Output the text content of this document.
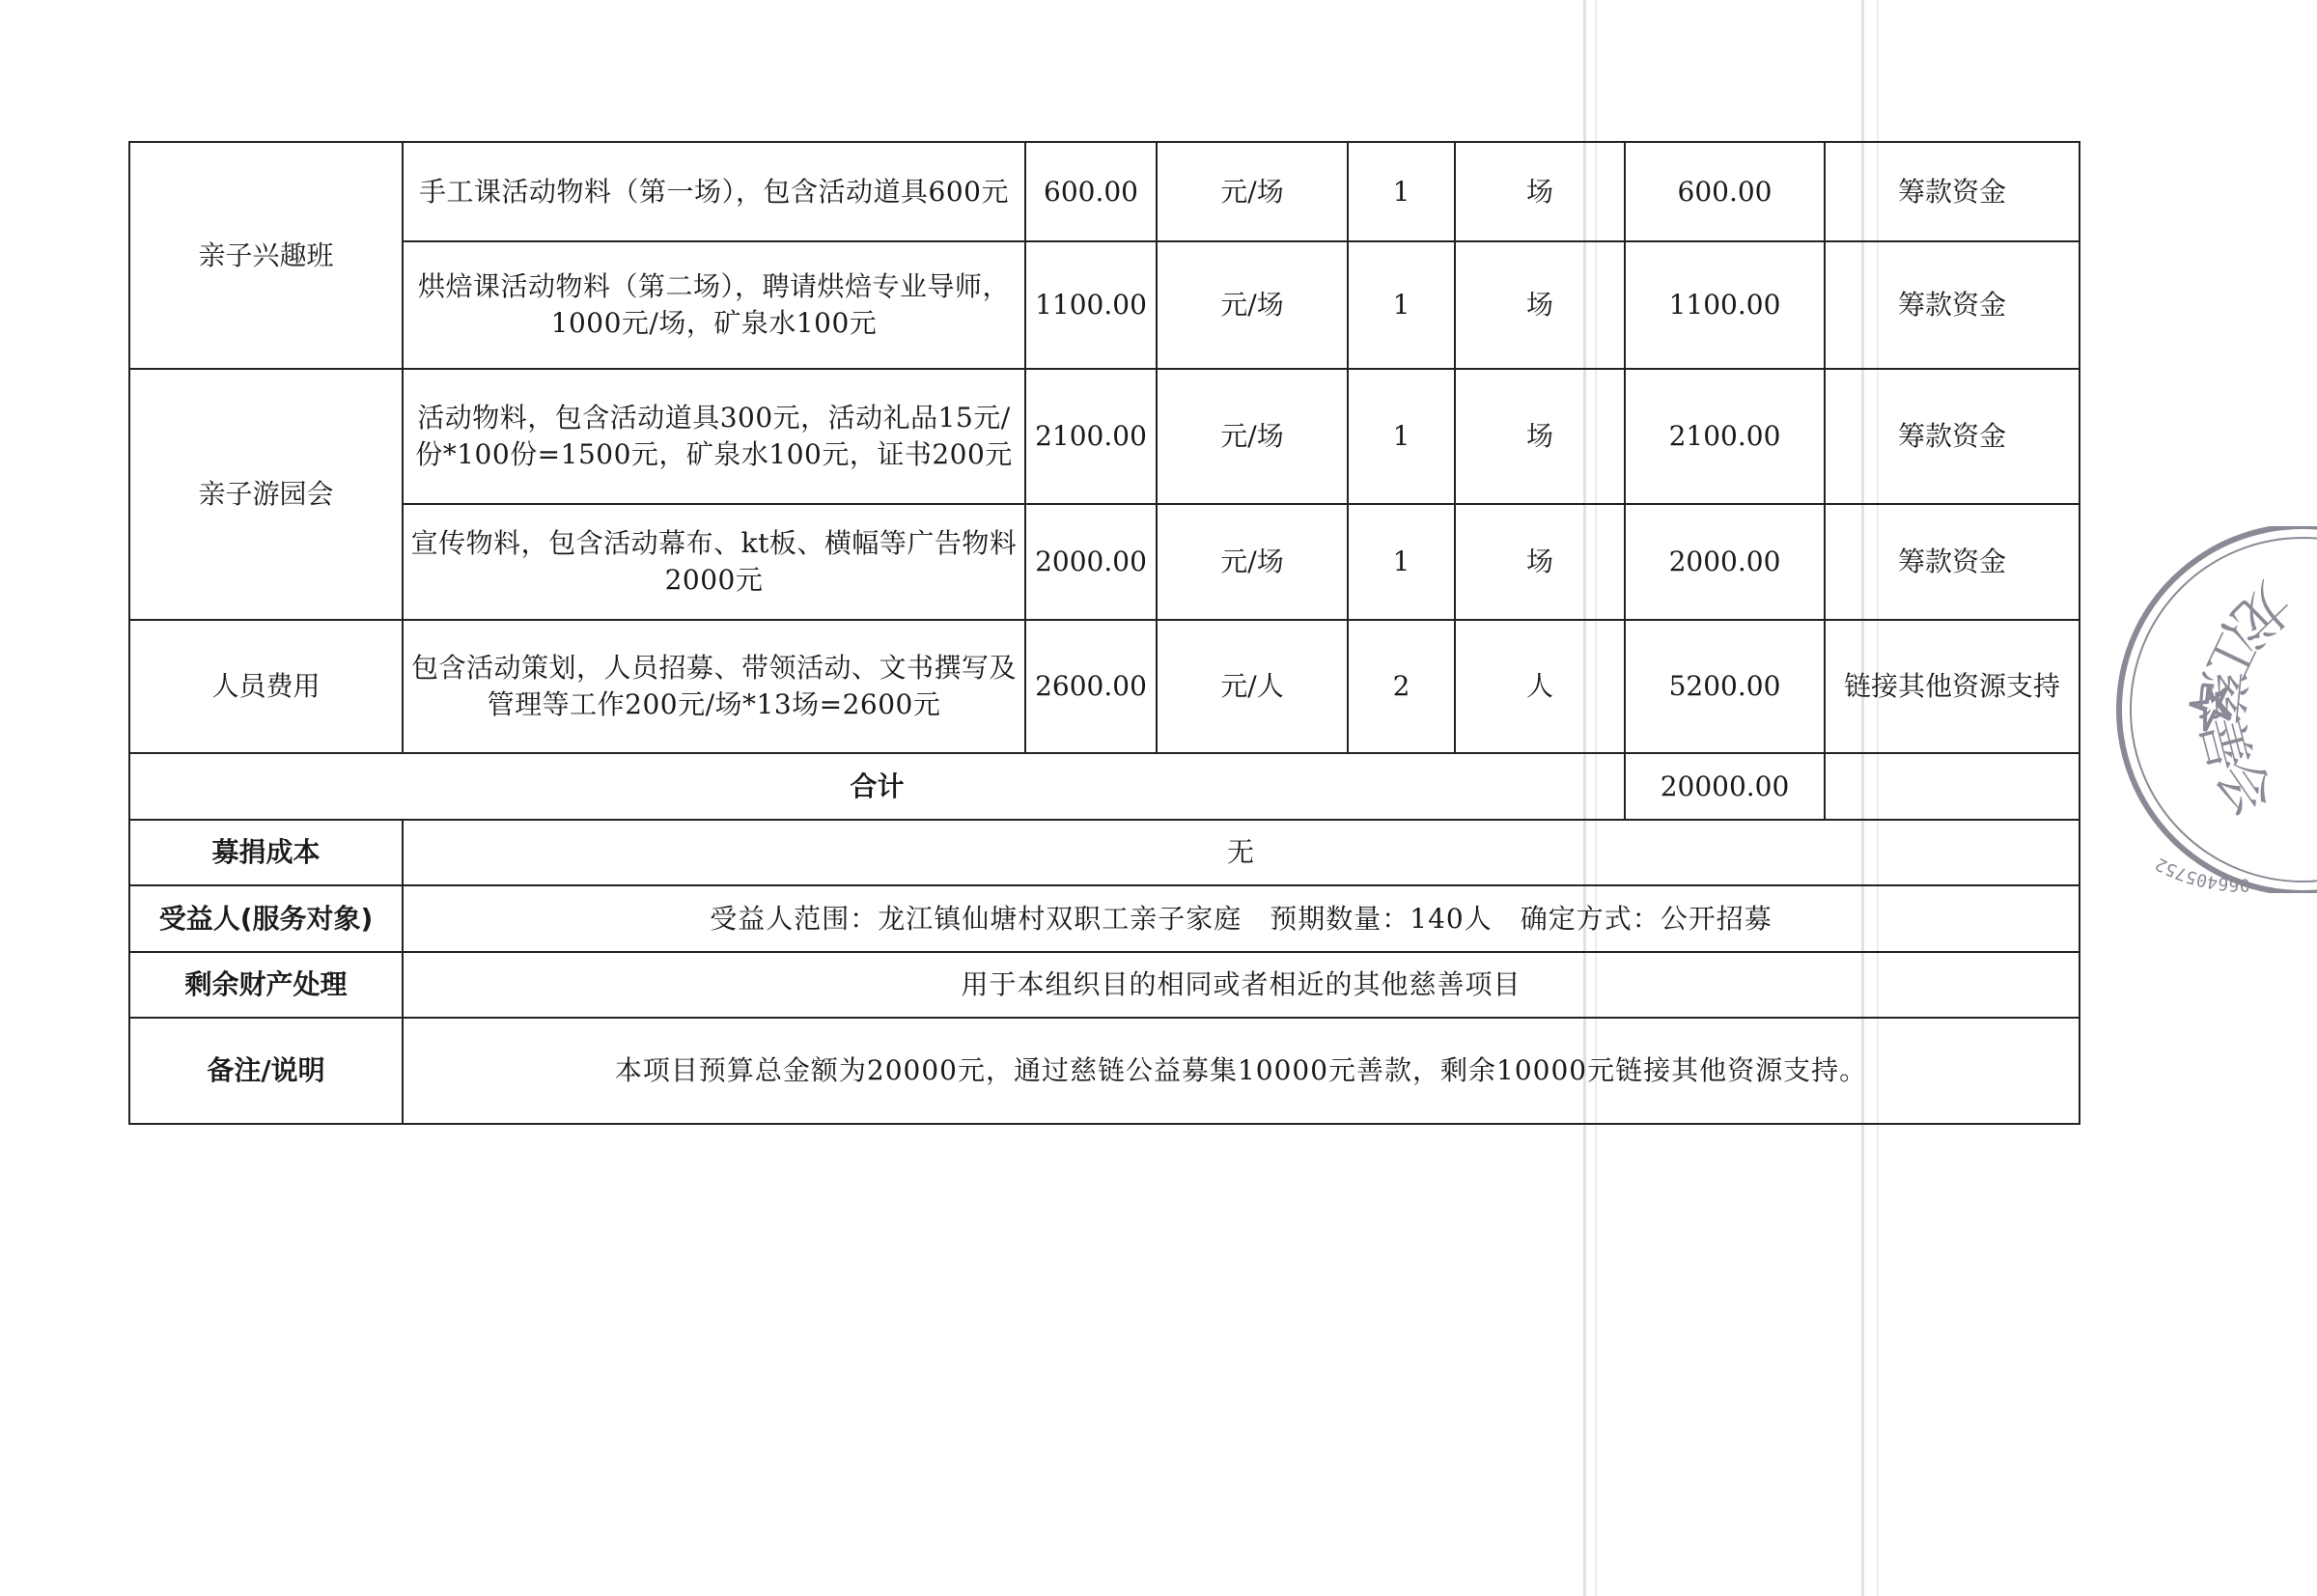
亲子兴趣班	手工课活动物料（第一场），包含活动道具600元	600.00	元/场	1	场	600.00	筹款资金
	烘焙课活动物料（第二场），聘请烘焙专业导师，1000元/场，矿泉水100元	1100.00	元/场	1	场	1100.00	筹款资金
亲子游园会	活动物料，包含活动道具300元，活动礼品15元/份*100份=1500元，矿泉水100元，证书200元	2100.00	元/场	1	场	2100.00	筹款资金
	宣传物料，包含活动幕布、kt板、横幅等广告物料2000元	2000.00	元/场	1	场	2000.00	筹款资金
人员费用	包含活动策划，人员招募、带领活动、文书撰写及管理等工作200元/场*13场=2600元	2600.00	元/人	2	人	5200.00	链接其他资源支持
合计						20000.00	
募捐成本	无						
受益人(服务对象)	受益人范围：龙江镇仙塘村双职工亲子家庭　预期数量：140人　确定方式：公开招募						
剩余财产处理	用于本组织目的相同或者相近的其他慈善项目						
备注/说明	本项目预算总金额为20000元，通过慈链公益募集10000元善款，剩余10000元链接其他资源支持。						
龙江慈善会
066405752
